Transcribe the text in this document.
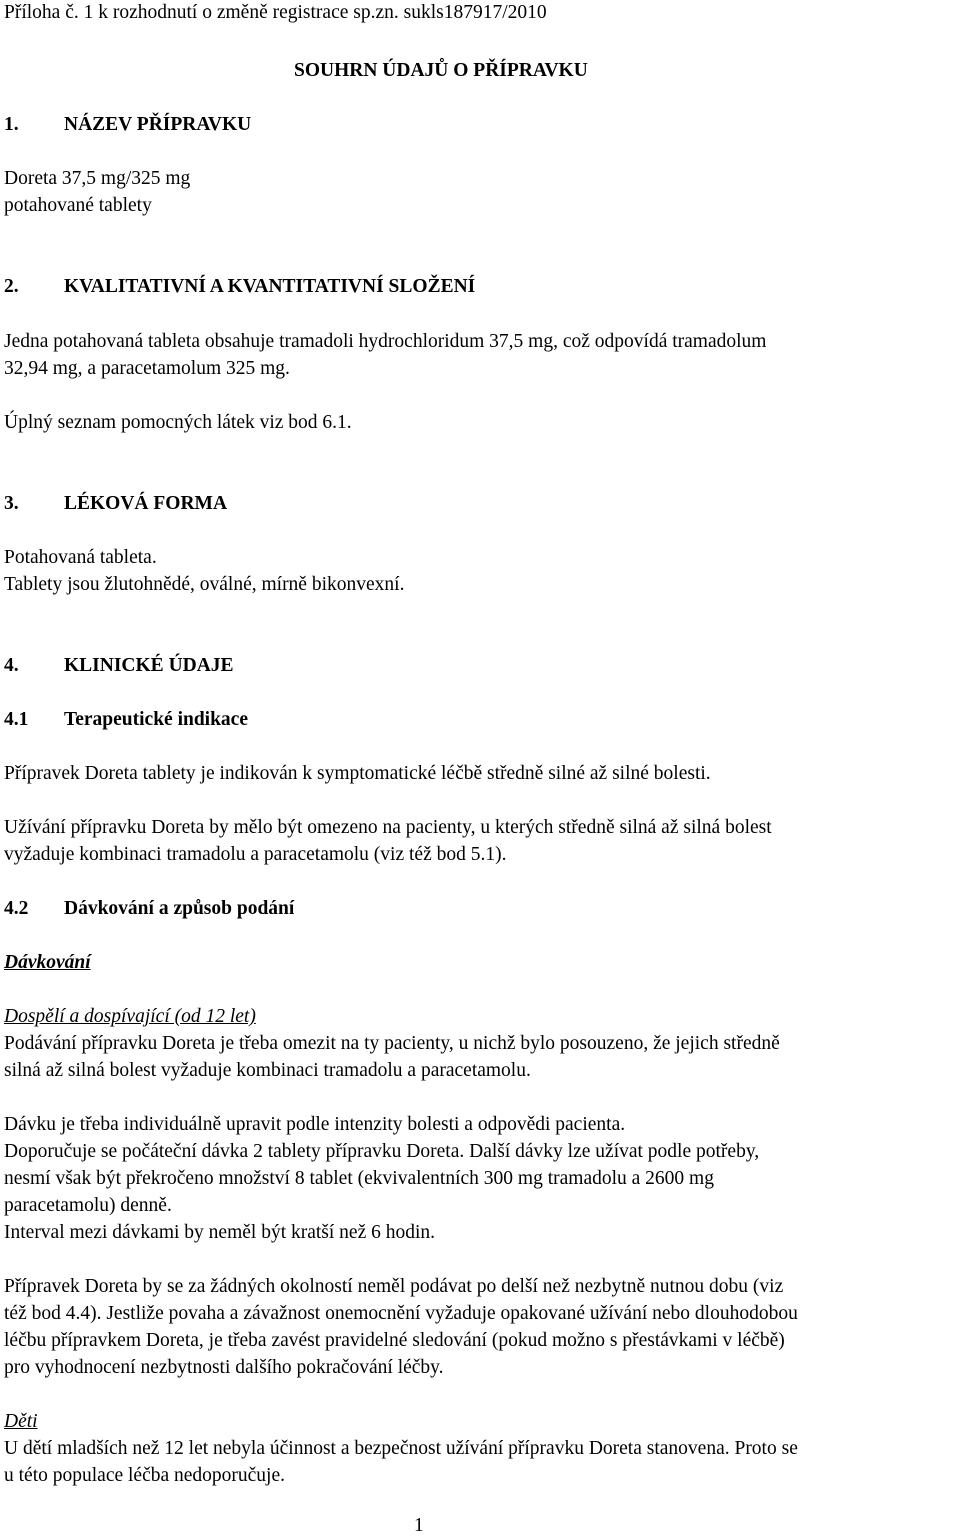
Příloha č. 1 k rozhodnutí o změně registrace sp.zn. sukls187917/2010
SOUHRN ÚDAJŮ O PŘÍPRAVKU
1. NÁZEV PŘÍPRAVKU
Doreta 37,5 mg/325 mg
potahované tablety
2. KVALITATIVNÍ A KVANTITATIVNÍ SLOŽENÍ
Jedna potahovaná tableta obsahuje tramadoli hydrochloridum 37,5 mg, což odpovídá tramadolum
32,94 mg, a paracetamolum 325 mg.
Úplný seznam pomocných látek viz bod 6.1.
3. LÉKOVÁ FORMA
Potahovaná tableta.
Tablety jsou žlutohnědé, oválné, mírně bikonvexní.
4. KLINICKÉ ÚDAJE
4.1 Terapeutické indikace
Přípravek Doreta tablety je indikován k symptomatické léčbě středně silné až silné bolesti.
Užívání přípravku Doreta by mělo být omezeno na pacienty, u kterých středně silná až silná bolest
vyžaduje kombinaci tramadolu a paracetamolu (viz též bod 5.1).
4.2 Dávkování a způsob podání
Dávkování
Dospělí a dospívající (od 12 let)
Podávání přípravku Doreta je třeba omezit na ty pacienty, u nichž bylo posouzeno, že jejich středně
silná až silná bolest vyžaduje kombinaci tramadolu a paracetamolu.
Dávku je třeba individuálně upravit podle intenzity bolesti a odpovědi pacienta.
Doporučuje se počáteční dávka 2 tablety přípravku Doreta. Další dávky lze užívat podle potřeby,
nesmí však být překročeno množství 8 tablet (ekvivalentních 300 mg tramadolu a 2600 mg
paracetamolu) denně.
Interval mezi dávkami by neměl být kratší než 6 hodin.
Přípravek Doreta by se za žádných okolností neměl podávat po delší než nezbytně nutnou dobu (viz
též bod 4.4). Jestliže povaha a závažnost onemocnění vyžaduje opakované užívání nebo dlouhodobou
léčbu přípravkem Doreta, je třeba zavést pravidelné sledování (pokud možno s přestávkami v léčbě)
pro vyhodnocení nezbytnosti dalšího pokračování léčby.
Děti
U dětí mladších než 12 let nebyla účinnost a bezpečnost užívání přípravku Doreta stanovena. Proto se
u této populace léčba nedoporučuje.
1
